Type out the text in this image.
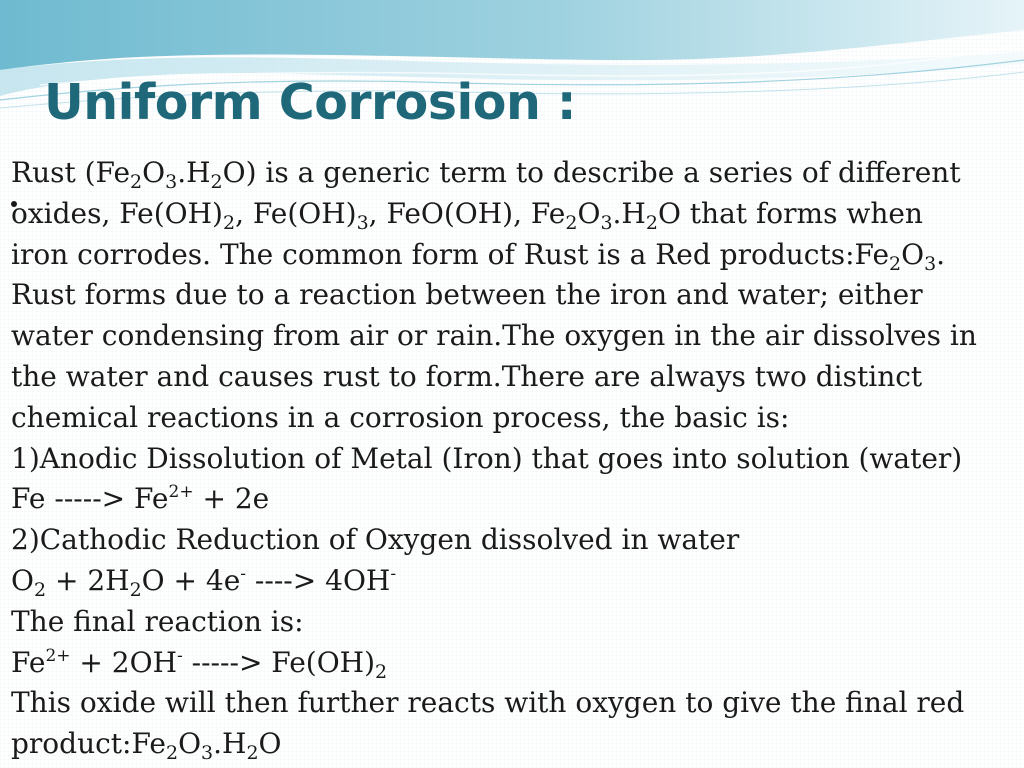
Uniform Corrosion :
Rust $(Fe_2O_3.H_2O)$ is a generic term to describe a series of different
oxides, $Fe(OH)_2$, $Fe(OH)_3$, FeO(OH), $Fe_2O_3.H_2O$ that forms when
iron corrodes. The common form of Rust is a Red $products:Fe_2O_3$.
Rust forms due to a reaction between the iron and water; either
water condensing from air or rain.The oxygen in the air dissolves in
the water and causes rust to form.There are always two distinct
chemical reactions in a corrosion process, the basic is:
1)Anodic Dissolution of Metal (Iron) that goes into solution (water)
Fe -----> $Fe^{2+} + 2e$
2)Cathodic Reduction of Oxygen dissolved in water
$O_2 + 2H_2O + 4e^-$ ----> 4OH-
The final reaction is:
$Fe^{2+} + 2OH^-$ -----> $Fe(OH)_2$
This oxide will then further reacts with oxygen to give the final red
$product:Fe_2O_3.H_2O$
